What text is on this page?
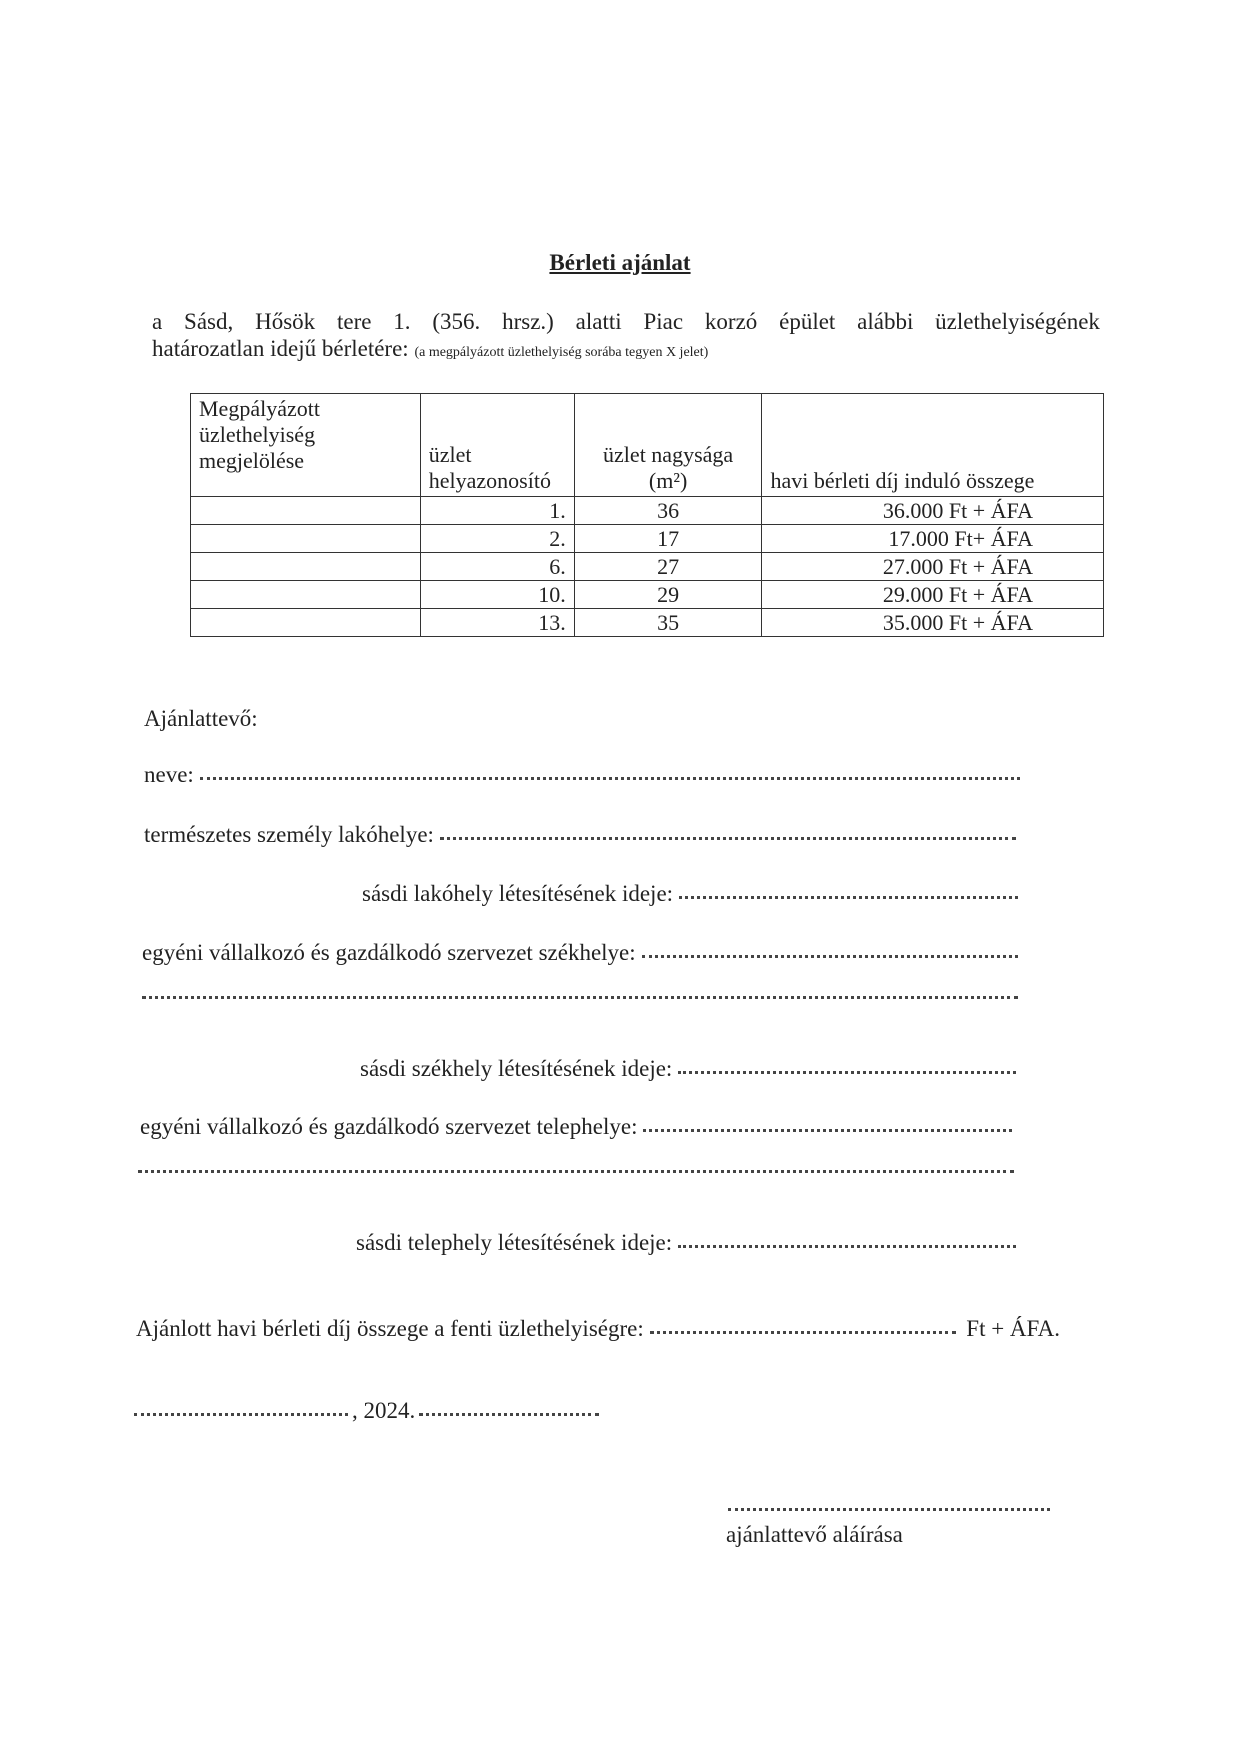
Bérleti ajánlat
a Sásd, Hősök tere 1. (356. hrsz.) alatti Piac korzó épület alábbi üzlethelyiségének
határozatlan idejű bérletére: (a megpályázott üzlethelyiség sorába tegyen X jelet)
Megpályázott üzlethelyiség megjelölése	üzlet helyazonosító	üzlet nagysága (m²)	havi bérleti díj induló összege
	1.	36	36.000 Ft + ÁFA
	2.	17	17.000 Ft+ ÁFA
	6.	27	27.000 Ft + ÁFA
	10.	29	29.000 Ft + ÁFA
	13.	35	35.000 Ft + ÁFA
Ajánlattevő:
neve:
természetes személy lakóhelye:
sásdi lakóhely létesítésének ideje:
egyéni vállalkozó és gazdálkodó szervezet székhelye:
sásdi székhely létesítésének ideje:
egyéni vállalkozó és gazdálkodó szervezet telephelye:
sásdi telephely létesítésének ideje:
Ajánlott havi bérleti díj összege a fenti üzlethelyiségre:	Ft + ÁFA.
, 2024.
ajánlattevő aláírása
